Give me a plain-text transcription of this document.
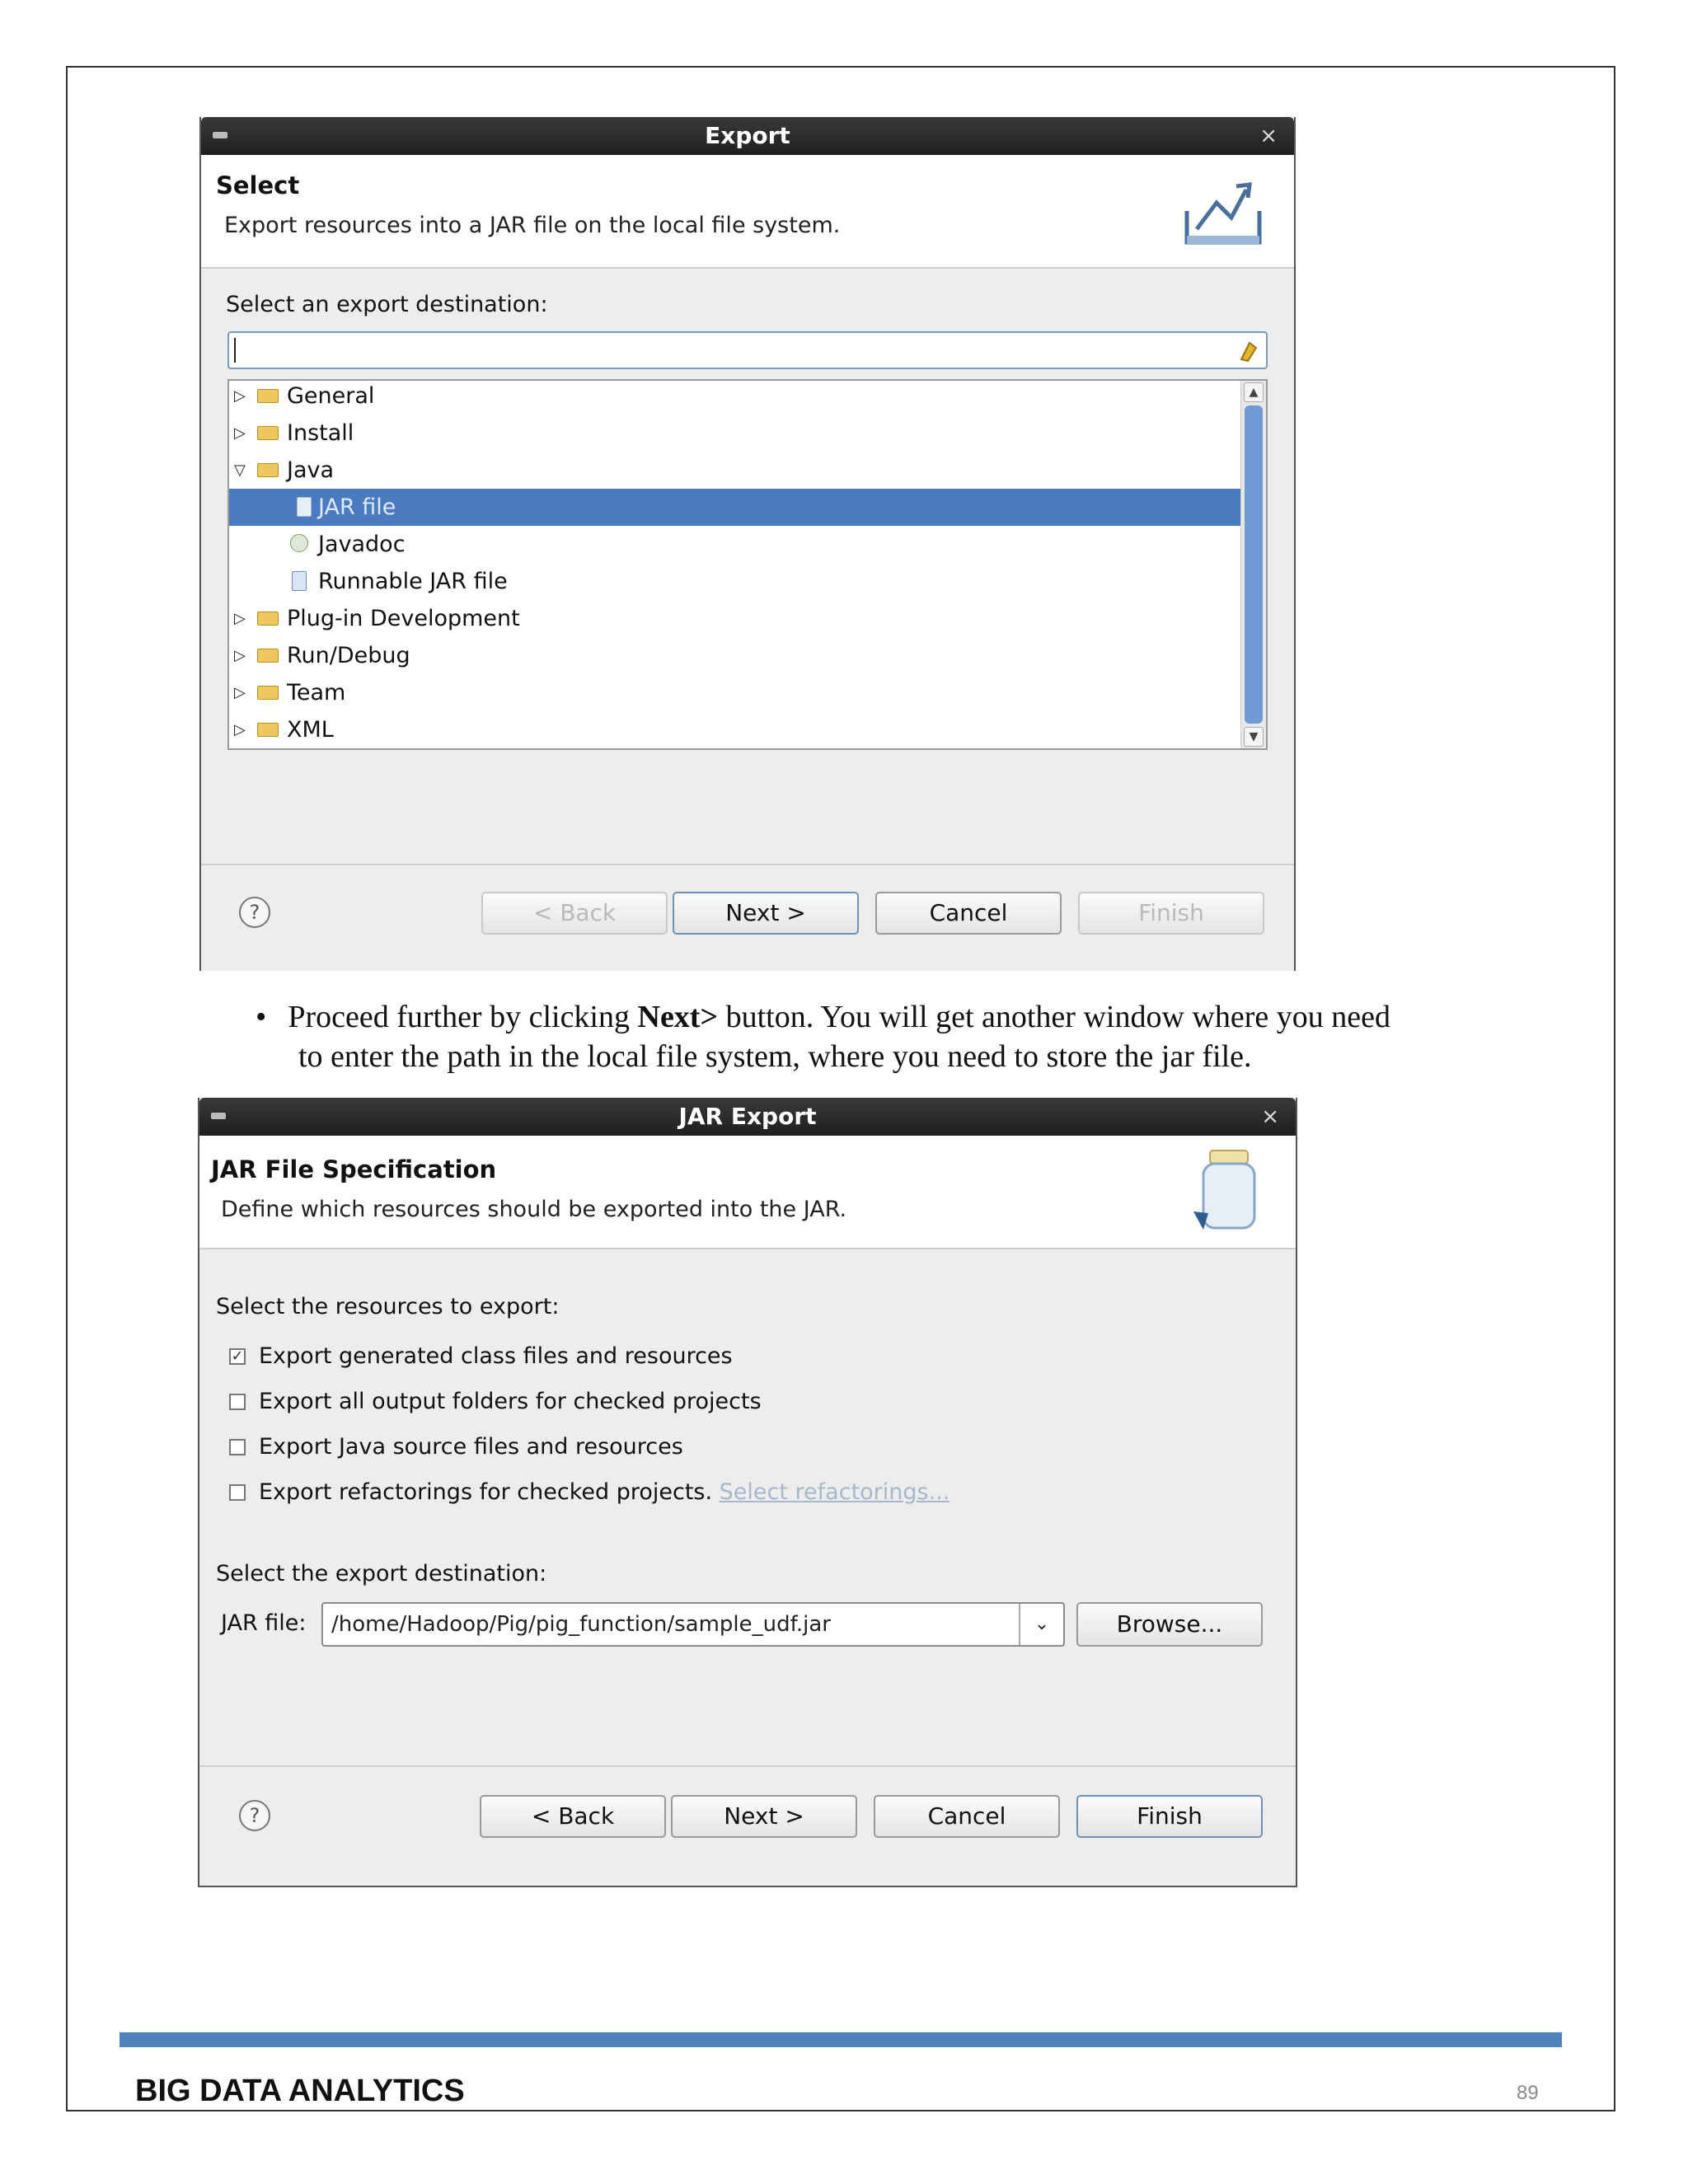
Export	×
Select
Export resources into a JAR file on the local file system.
Select an export destination:
▷ General
▷ Install
▽ Java
JAR file
Javadoc
Runnable JAR file
▷ Plug-in Development
▷ Run/Debug
▷ Team
▷ XML
▲
▼
?	< Back	Next >	Cancel	Finish
• Proceed further by clicking Next> button. You will get another window where you need
to enter the path in the local file system, where you need to store the jar file.
JAR Export	×
JAR File Specification
Define which resources should be exported into the JAR.
Select the resources to export:
✓ Export generated class files and resources
Export all output folders for checked projects
Export Java source files and resources
Export refactorings for checked projects. Select refactorings...
Select the export destination:
JAR file: /home/Hadoop/Pig/pig_function/sample_udf.jar	⌄	Browse...
?	< Back	Next >	Cancel	Finish
BIG DATA ANALYTICS	89
